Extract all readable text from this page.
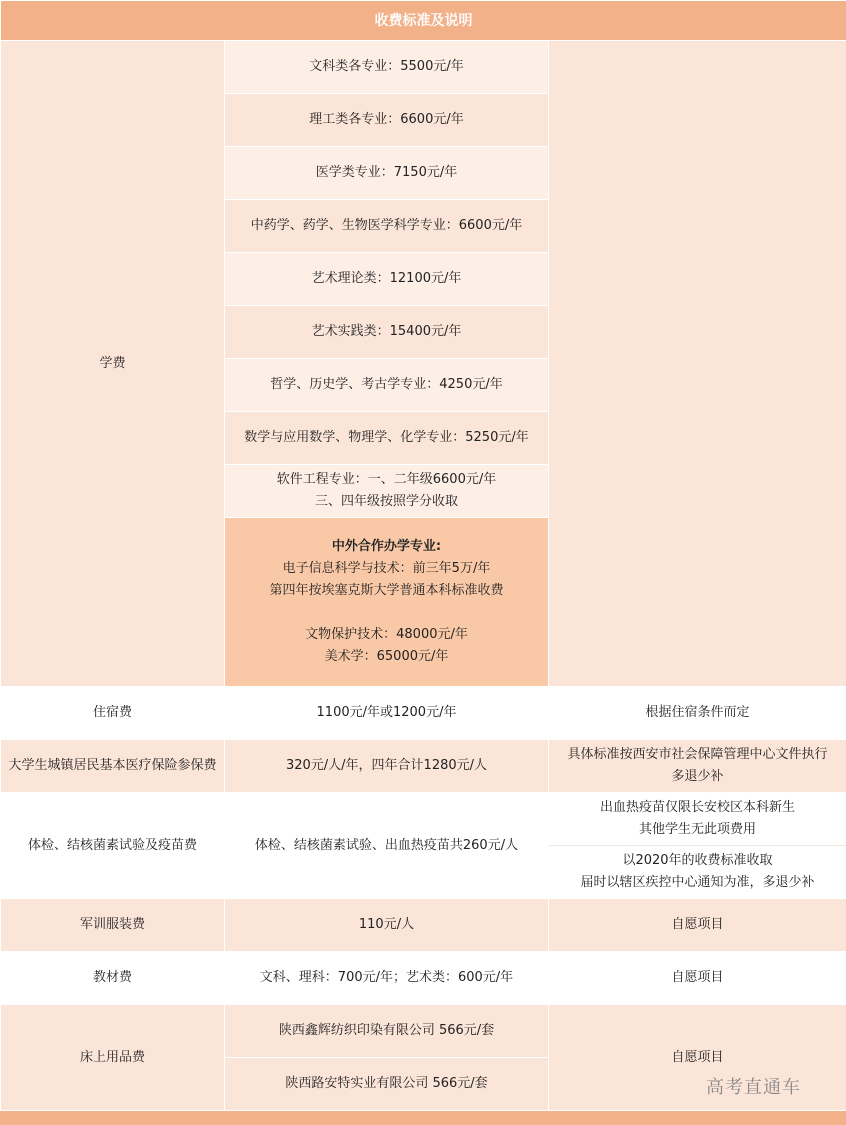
收费标准及说明		
学费	文科类各专业：5500元/年	
	理工类各专业：6600元/年	
	医学类专业：7150元/年	
	中药学、药学、生物医学科学专业：6600元/年	
	艺术理论类：12100元/年	
	艺术实践类：15400元/年	
	哲学、历史学、考古学专业：4250元/年	
	数学与应用数学、物理学、化学专业：5250元/年	

	软件工程专业：一、二年级6600元/年
三、四年级按照学分收取	

	中外合作办学专业:
电子信息科学与技术：前三年5万/年
第四年按埃塞克斯大学普通本科标准收费
文物保护技术：48000元/年
美术学：65000元/年	

住宿费	1100元/年或1200元/年	根据住宿条件而定
大学生城镇居民基本医疗保险参保费	320元/人/年，四年合计1280元/人	具体标准按西安市社会保障管理中心文件执行
多退少补

体检、结核菌素试验及疫苗费	体检、结核菌素试验、出血热疫苗共260元/人	出血热疫苗仅限长安校区本科新生
其他学生无此项费用

		以2020年的收费标准收取
届时以辖区疾控中心通知为准，多退少补

军训服装费	110元/人	自愿项目
教材费	文科、理科：700元/年；艺术类：600元/年	自愿项目
床上用品费	陕西鑫辉纺织印染有限公司 566元/套	自愿项目
	陕西路安特实业有限公司 566元/套		高考直通车
